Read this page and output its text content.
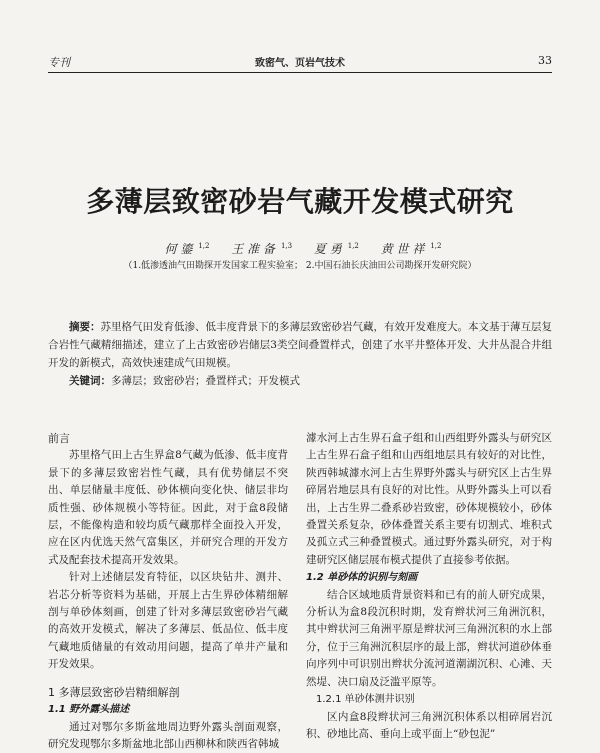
专刊	致密气、页岩气技术	33
多薄层致密砂岩气藏开发模式研究
何 鎏 $^{1,2}$ 王 准 备 $^{1,3}$ 夏 勇 $^{1,2}$ 黄 世 祥 $^{1,2}$
（1.低渗透油气田勘探开发国家工程实验室； 2.中国石油长庆油田公司勘探开发研究院）
摘要：苏里格气田发育低渗、低丰度背景下的多薄层致密砂岩气藏，有效开发难度大。本文基于薄互层复合岩性气藏精细描述，建立了上古致密砂岩储层3类空间叠置样式，创建了水平井整体开发、大井丛混合井组开发的新模式，高效快速建成气田规模。
关键词：多薄层；致密砂岩；叠置样式；开发模式
前言

苏里格气田上古生界盒8气藏为低渗、低丰度背景下的多薄层致密岩性气藏，具有优势储层不突出、单层储量丰度低、砂体横向变化快、储层非均质性强、砂体规模小等特征。因此，对于盒8段储层，不能像构造和较均质气藏那样全面投入开发，应在区内优选天然气富集区，并研究合理的开发方式及配套技术提高开发效果。

针对上述储层发育特征，以区块钻井、测井、岩芯分析等资料为基础，开展上古生界砂体精细解剖与单砂体刻画，创建了针对多薄层致密砂岩气藏的高效开发模式，解决了多薄层、低品位、低丰度气藏地质储量的有效动用问题，提高了单井产量和开发效果。

1 多薄层致密砂岩精细解剖
1.1 野外露头描述

通过对鄂尔多斯盆地周边野外露头剖面观察，研究发现鄂尔多斯盆地北部山西柳林和陕西省韩城

澽水河上古生界石盒子组和山西组野外露头与研究区上古生界石盒子组和山西组地层具有较好的对比性，陕西韩城澽水河上古生界野外露头与研究区上古生界碎屑岩地层具有良好的对比性。从野外露头上可以看出，上古生界二叠系砂岩致密，砂体规模较小，砂体叠置关系复杂，砂体叠置关系主要有切割式、堆积式及孤立式三种叠置模式。通过野外露头研究，对于构建研究区储层展布模式提供了直接参考依据。

1.2 单砂体的识别与刻画

结合区域地质背景资料和已有的前人研究成果，分析认为盒8段沉积时期，发育辫状河三角洲沉积，其中辫状河三角洲平原是辫状河三角洲沉积的水上部分，位于三角洲沉积层序的最上部，辫状河道砂体垂向序列中可识别出辫状分流河道潮湖沉积、心滩、天然堤、决口扇及泛滥平原等。

1.2.1 单砂体测井识别

区内盒8段辫状河三角洲沉积体系以相碎屑岩沉积、砂地比高、垂向上或平面上“砂包泥”
